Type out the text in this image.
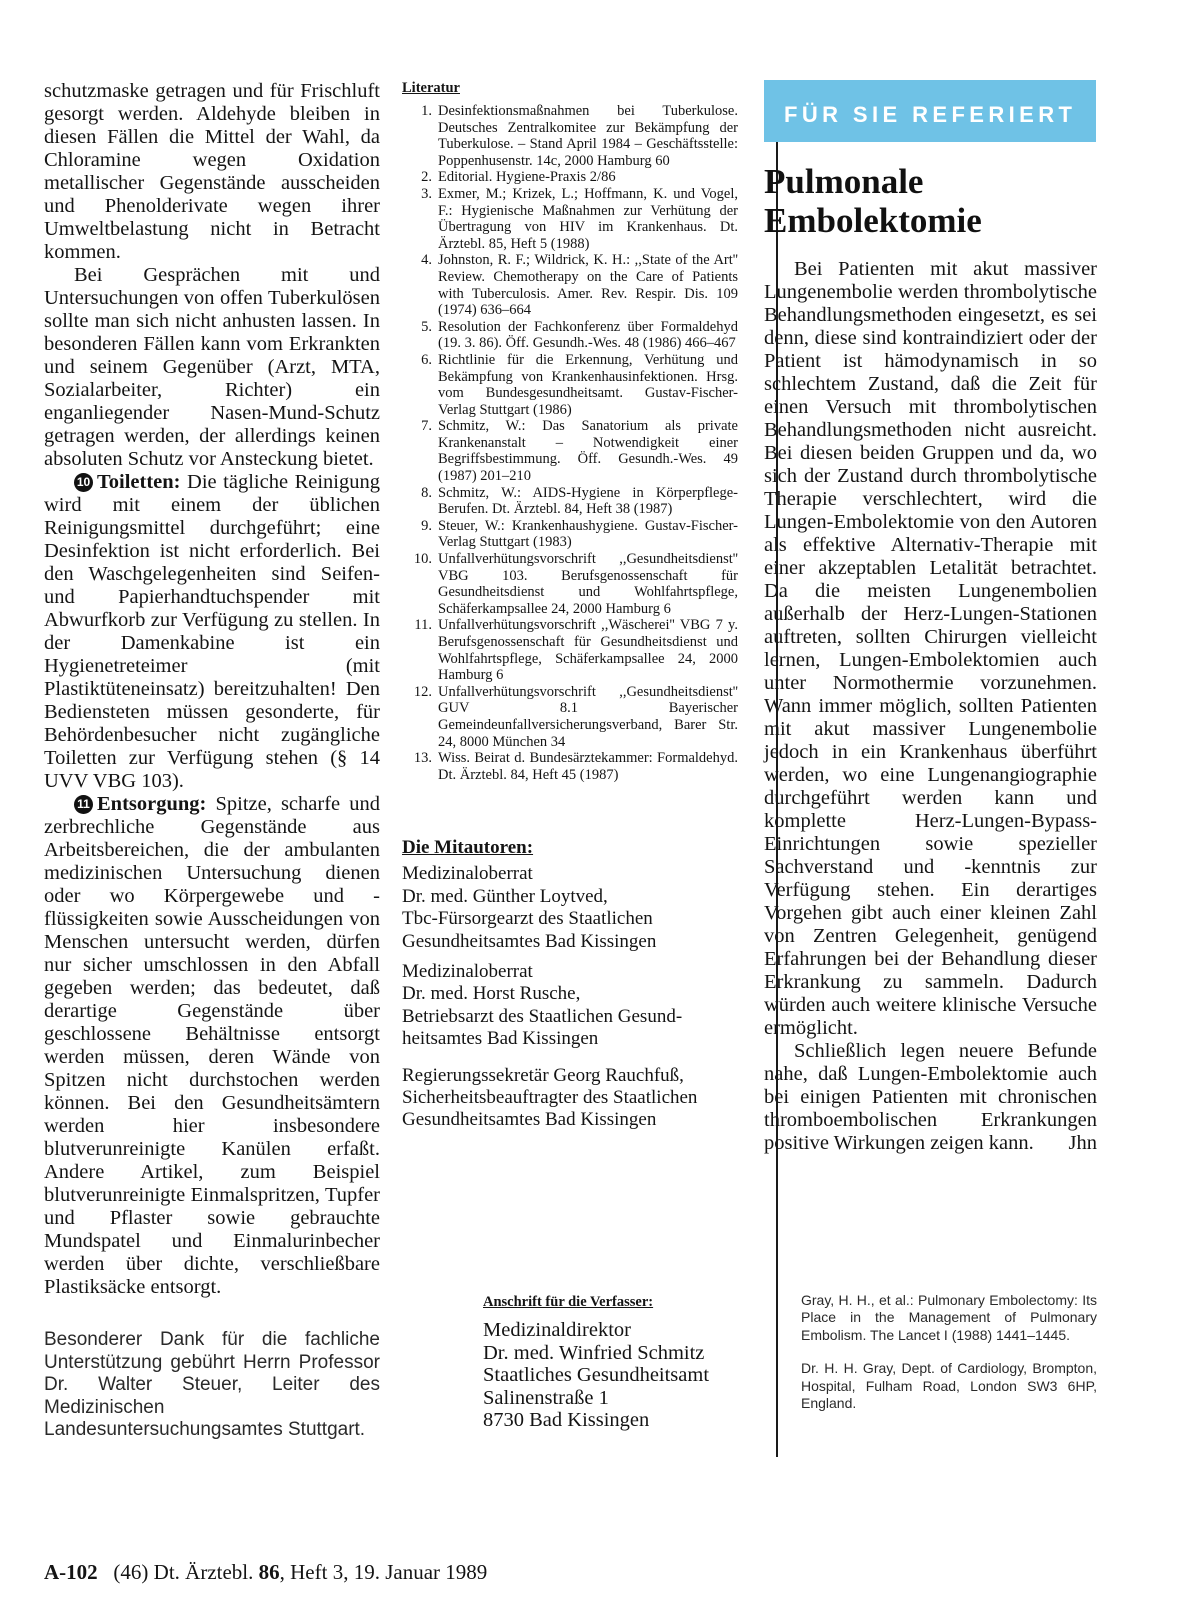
schutzmaske getragen und für Frischluft gesorgt werden. Aldehyde bleiben in diesen Fällen die Mittel der Wahl, da Chloramine wegen Oxidation metallischer Gegenstände ausscheiden und Phenolderivate wegen ihrer Umweltbelastung nicht in Betracht kommen.

Bei Gesprächen mit und Untersuchungen von offen Tuberkulösen sollte man sich nicht anhusten lassen. In besonderen Fällen kann vom Erkrankten und seinem Gegenüber (Arzt, MTA, Sozialarbeiter, Richter) ein enganliegender Nasen-Mund-Schutz getragen werden, der allerdings keinen absoluten Schutz vor Ansteckung bietet.

10 Toiletten: Die tägliche Reinigung wird mit einem der üblichen Reinigungsmittel durchgeführt; eine Desinfektion ist nicht erforderlich. Bei den Waschgelegenheiten sind Seifen- und Papierhandtuchspender mit Abwurfkorb zur Verfügung zu stellen. In der Damenkabine ist ein Hygienetreteimer (mit Plastiktüteneinsatz) bereitzuhalten! Den Bediensteten müssen gesonderte, für Behördenbesucher nicht zugängliche Toiletten zur Verfügung stehen (§ 14 UVV VBG 103).

11 Entsorgung: Spitze, scharfe und zerbrechliche Gegenstände aus Arbeitsbereichen, die der ambulanten medizinischen Untersuchung dienen oder wo Körpergewebe und -flüssigkeiten sowie Ausscheidungen von Menschen untersucht werden, dürfen nur sicher umschlossen in den Abfall gegeben werden; das bedeutet, daß derartige Gegenstände über geschlossene Behältnisse entsorgt werden müssen, deren Wände von Spitzen nicht durchstochen werden können. Bei den Gesundheitsämtern werden hier insbesondere blutverunreinigte Kanülen erfaßt. Andere Artikel, zum Beispiel blutverunreinigte Einmalspritzen, Tupfer und Pflaster sowie gebrauchte Mundspatel und Einmalurinbecher werden über dichte, verschließbare Plastiksäcke entsorgt.

Besonderer Dank für die fachliche Unterstützung gebührt Herrn Professor Dr. Walter Steuer, Leiter des Medizinischen Landesuntersuchungsamtes Stuttgart.

Literatur
1. Desinfektionsmaßnahmen bei Tuberkulose. Deutsches Zentralkomitee zur Bekämpfung der Tuberkulose. – Stand April 1984 – Geschäftsstelle: Poppenhusenstr. 14c, 2000 Hamburg 60
2. Editorial. Hygiene-Praxis 2/86
3. Exmer, M.; Krizek, L.; Hoffmann, K. und Vogel, F.: Hygienische Maßnahmen zur Verhütung der Übertragung von HIV im Krankenhaus. Dt. Ärztebl. 85, Heft 5 (1988)
4. Johnston, R. F.; Wildrick, K. H.: ,,State of the Art'' Review. Chemotherapy on the Care of Patients with Tuberculosis. Amer. Rev. Respir. Dis. 109 (1974) 636–664
5. Resolution der Fachkonferenz über Formaldehyd (19. 3. 86). Öff. Gesundh.-Wes. 48 (1986) 466–467
6. Richtlinie für die Erkennung, Verhütung und Bekämpfung von Krankenhausinfektionen. Hrsg. vom Bundesgesundheitsamt. Gustav-Fischer-Verlag Stuttgart (1986)
7. Schmitz, W.: Das Sanatorium als private Krankenanstalt – Notwendigkeit einer Begriffsbestimmung. Öff. Gesundh.-Wes. 49 (1987) 201–210
8. Schmitz, W.: AIDS-Hygiene in Körperpflege-Berufen. Dt. Ärztebl. 84, Heft 38 (1987)
9. Steuer, W.: Krankenhaushygiene. Gustav-Fischer-Verlag Stuttgart (1983)
10. Unfallverhütungsvorschrift ,,Gesundheitsdienst'' VBG 103. Berufsgenossenschaft für Gesundheitsdienst und Wohlfahrtspflege, Schäferkampsallee 24, 2000 Hamburg 6
11. Unfallverhütungsvorschrift ,,Wäscherei'' VBG 7 y. Berufsgenossenschaft für Gesundheitsdienst und Wohlfahrtspflege, Schäferkampsallee 24, 2000 Hamburg 6
12. Unfallverhütungsvorschrift ,,Gesundheitsdienst'' GUV 8.1 Bayerischer Gemeindeunfallversicherungsverband, Barer Str. 24, 8000 München 34
13. Wiss. Beirat d. Bundesärztekammer: Formaldehyd. Dt. Ärztebl. 84, Heft 45 (1987)
Die Mitautoren:
Medizinaloberrat
Dr. med. Günther Loytved,
Tbc-Fürsorgearzt des Staatlichen
Gesundheitsamtes Bad Kissingen
Medizinaloberrat
Dr. med. Horst Rusche,
Betriebsarzt des Staatlichen Gesund-
heitsamtes Bad Kissingen
Regierungssekretär Georg Rauchfuß,
Sicherheitsbeauftragter des Staatlichen
Gesundheitsamtes Bad Kissingen
Anschrift für die Verfasser:
Medizinaldirektor
Dr. med. Winfried Schmitz
Staatliches Gesundheitsamt
Salinenstraße 1
8730 Bad Kissingen
FÜR SIE REFERIERT
Pulmonale
Embolektomie

Bei Patienten mit akut massiver Lungenembolie werden thrombolytische Behandlungsmethoden eingesetzt, es sei denn, diese sind kontraindiziert oder der Patient ist hämodynamisch in so schlechtem Zustand, daß die Zeit für einen Versuch mit thrombolytischen Behandlungsmethoden nicht ausreicht. Bei diesen beiden Gruppen und da, wo sich der Zustand durch thrombolytische Therapie verschlechtert, wird die Lungen-Embolektomie von den Autoren als effektive Alternativ-Therapie mit einer akzeptablen Letalität betrachtet. Da die meisten Lungenembolien außerhalb der Herz-Lungen-Stationen auftreten, sollten Chirurgen vielleicht lernen, Lungen-Embolektomien auch unter Normothermie vorzunehmen. Wann immer möglich, sollten Patienten mit akut massiver Lungenembolie jedoch in ein Krankenhaus überführt werden, wo eine Lungenangiographie durchgeführt werden kann und komplette Herz-Lungen-Bypass-Einrichtungen sowie spezieller Sachverstand und -kenntnis zur Verfügung stehen. Ein derartiges Vorgehen gibt auch einer kleinen Zahl von Zentren Gelegenheit, genügend Erfahrungen bei der Behandlung dieser Erkrankung zu sammeln. Dadurch würden auch weitere klinische Versuche ermöglicht.

Schließlich legen neuere Befunde nahe, daß Lungen-Embolektomie auch bei einigen Patienten mit chronischen thromboembolischen Erkrankungen positive Wirkungen zeigen kann.	Jhn

Gray, H. H., et al.: Pulmonary Embolectomy: Its Place in the Management of Pulmonary Embolism. The Lancet I (1988) 1441–1445.

Dr. H. H. Gray, Dept. of Cardiology, Brompton, Hospital, Fulham Road, London SW3 6HP, England.

A-102 (46) Dt. Ärztebl. 86, Heft 3, 19. Januar 1989
